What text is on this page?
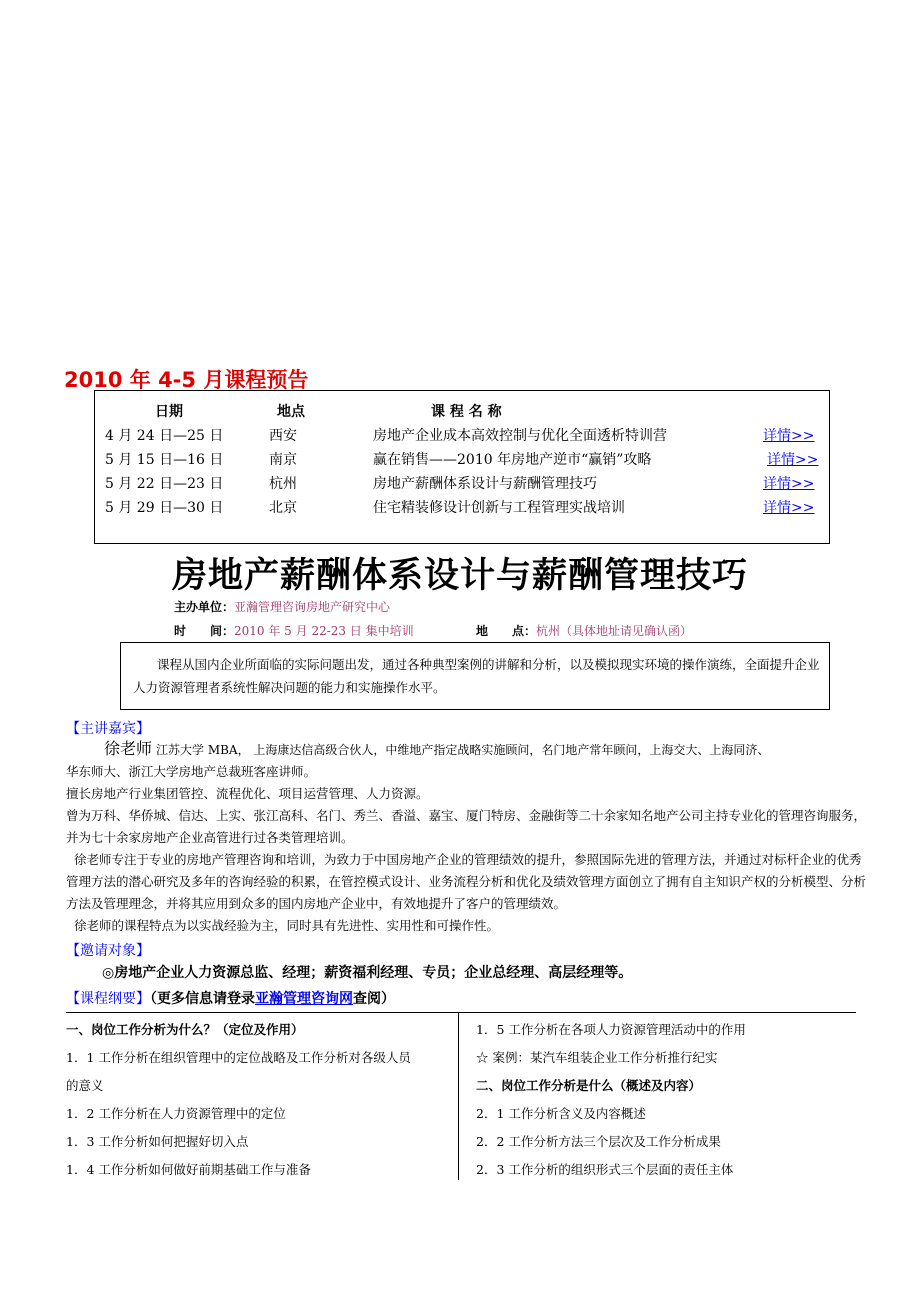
2010 年 4-5 月课程预告
日期	地点	课 程 名 称
4 月 24 日—25 日	西安	房地产企业成本高效控制与优化全面透析特训营	详情>>
5 月 15 日—16 日	南京	赢在销售——2010 年房地产逆市“赢销”攻略	详情>>
5 月 22 日—23 日	杭州	房地产薪酬体系设计与薪酬管理技巧	详情>>
5 月 29 日—30 日	北京	住宅精装修设计创新与工程管理实战培训	详情>>
房地产薪酬体系设计与薪酬管理技巧
主办单位：亚瀚管理咨询房地产研究中心
时　　间：2010 年 5 月 22-23 日 集中培训	地　　点：杭州（具体地址请见确认函）
课程从国内企业所面临的实际问题出发，通过各种典型案例的讲解和分析，以及模拟现实环境的操作演练，全面提升企业人力资源管理者系统性解决问题的能力和实施操作水平。
【主讲嘉宾】

徐老师 江苏大学 MBA， 上海康达信高级合伙人，中维地产指定战略实施顾问，名门地产常年顾问，上海交大、上海同济、

华东师大、浙江大学房地产总裁班客座讲师。

擅长房地产行业集团管控、流程优化、项目运营管理、人力资源。

曾为万科、华侨城、信达、上实、张江高科、名门、秀兰、香溢、嘉宝、厦门特房、金融街等二十余家知名地产公司主持专业化的管理咨询服务，并为七十余家房地产企业高管进行过各类管理培训。

徐老师专注于专业的房地产管理咨询和培训，为致力于中国房地产企业的管理绩效的提升，参照国际先进的管理方法，并通过对标杆企业的优秀管理方法的潜心研究及多年的咨询经验的积累，在管控模式设计、业务流程分析和优化及绩效管理方面创立了拥有自主知识产权的分析模型、分析方法及管理理念，并将其应用到众多的国内房地产企业中，有效地提升了客户的管理绩效。

徐老师的课程特点为以实战经验为主，同时具有先进性、实用性和可操作性。

【邀请对象】
◎房地产企业人力资源总监、经理；薪资福利经理、专员；企业总经理、高层经理等。
【课程纲要】（更多信息请登录亚瀚管理咨询网查阅）
一、岗位工作分析为什么？（定位及作用）
1．1 工作分析在组织管理中的定位战略及工作分析对各级人员
的意义
1．2 工作分析在人力资源管理中的定位
1．3 工作分析如何把握好切入点
1．4 工作分析如何做好前期基础工作与准备
1．5 工作分析在各项人力资源管理活动中的作用
☆ 案例：某汽车组装企业工作分析推行纪实
二、岗位工作分析是什么（概述及内容）
2．1 工作分析含义及内容概述
2．2 工作分析方法三个层次及工作分析成果
2．3 工作分析的组织形式三个层面的责任主体
